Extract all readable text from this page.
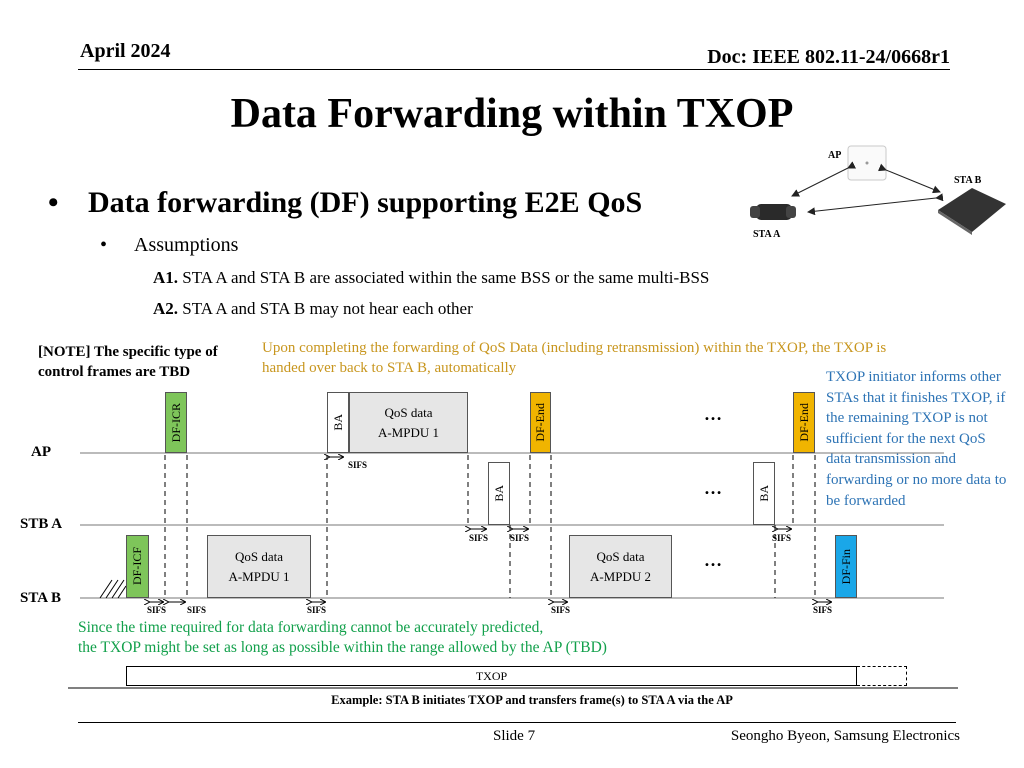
April 2024	Doc: IEEE 802.11-24/0668r1
Data Forwarding within TXOP
• Data forwarding (DF) supporting E2E QoS
• Assumptions
A1. STA A and STA B are associated within the same BSS or the same multi-BSS
A2. STA A and STA B may not hear each other
AP
STA A
STA B
[NOTE] The specific type of control frames are TBD
Upon completing the forwarding of QoS Data (including retransmission) within the TXOP, the TXOP is handed over back to STA B, automatically
TXOP initiator informs other STAs that it finishes TXOP, if the remaining TXOP is not sufficient for the next QoS data transmission and forwarding or no more data to be forwarded
AP
STB A
STA B
DF-ICR	BA
QoS data
A-MPDU 1	DF-End	…	DF-End
BA	…	BA
DF-ICF	QoS data
A-MPDU 1
QoS data
A-MPDU 2
…	DF-Fin
SIFS
SIFS SIFS	SIFS
SIFS SIFS	SIFS	SIFS	SIFS
Since the time required for data forwarding cannot be accurately predicted,
the TXOP might be set as long as possible within the range allowed by the AP (TBD)
TXOP
Example: STA B initiates TXOP and transfers frame(s) to STA A via the AP
Slide 7	Seongho Byeon, Samsung Electronics
